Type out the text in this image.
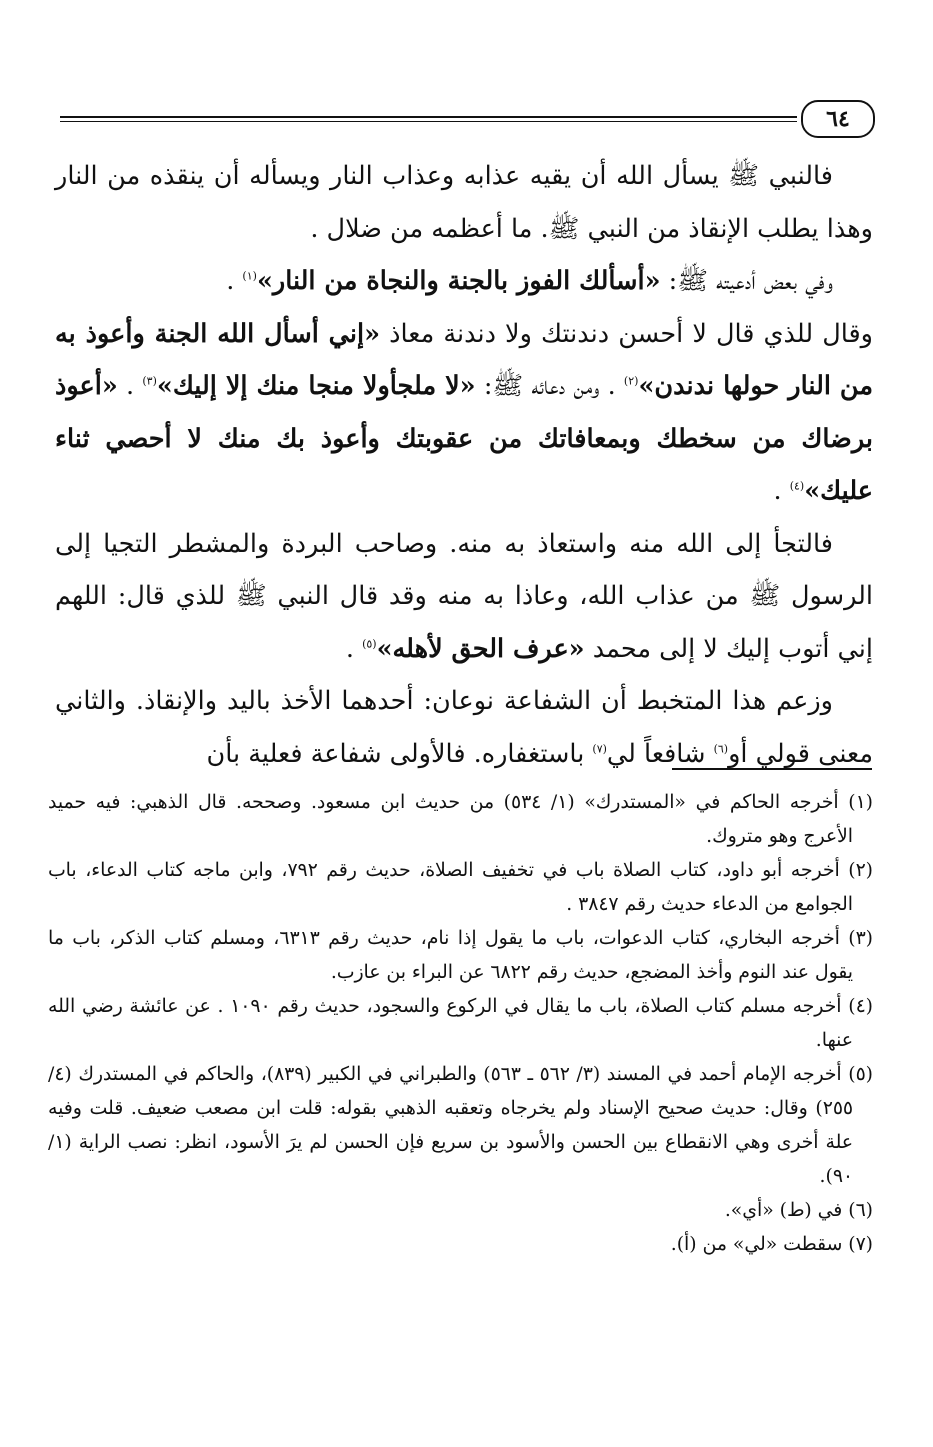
٦٤

فالنبي ﷺ يسأل الله أن يقيه عذابه وعذاب النار ويسأله أن ينقذه من النار وهذا يطلب الإنقاذ من النبي ﷺ. ما أعظمه من ضلال .

وفي بعض أدعيته ﷺ: «أسألك الفوز بالجنة والنجاة من النار»$^{(١)}$ .

وقال للذي قال لا أحسن دندنتك ولا دندنة معاذ «إني أسأل الله الجنة وأعوذ به من النار حولها ندندن»$^{(٢)}$ . ومن دعائه ﷺ: «لا ملجأولا منجا منك إلا إليك»$^{(٣)}$ . «أعوذ برضاك من سخطك وبمعافاتك من عقوبتك وأعوذ بك منك لا أحصي ثناء عليك»$^{(٤)}$ .

فالتجأ إلى الله منه واستعاذ به منه. وصاحب البردة والمشطر التجيا إلى الرسول ﷺ من عذاب الله، وعاذا به منه وقد قال النبي ﷺ للذي قال: اللهم إني أتوب إليك لا إلى محمد «عرف الحق لأهله»$^{(٥)}$ .

وزعم هذا المتخبط أن الشفاعة نوعان: أحدهما الأخذ باليد والإنقاذ. والثاني معنى قولي أو$^{(٦)}$ شافعاً لي$^{(٧)}$ باستغفاره. فالأولى شفاعة فعلية بأن

(١) أخرجه الحاكم في «المستدرك» (١/ ٥٣٤) من حديث ابن مسعود. وصححه. قال الذهبي: فيه حميد الأعرج وهو متروك.

(٢) أخرجه أبو داود، كتاب الصلاة باب في تخفيف الصلاة، حديث رقم ٧٩٢، وابن ماجه كتاب الدعاء، باب الجوامع من الدعاء حديث رقم ٣٨٤٧ .

(٣) أخرجه البخاري، كتاب الدعوات، باب ما يقول إذا نام، حديث رقم ٦٣١٣، ومسلم كتاب الذكر، باب ما يقول عند النوم وأخذ المضجع، حديث رقم ٦٨٢٢ عن البراء بن عازب.

(٤) أخرجه مسلم كتاب الصلاة، باب ما يقال في الركوع والسجود، حديث رقم ١٠٩٠ . عن عائشة رضي الله عنها.

(٥) أخرجه الإمام أحمد في المسند (٣/ ٥٦٢ ـ ٥٦٣) والطبراني في الكبير (٨٣٩)، والحاكم في المستدرك (٤/ ٢٥٥) وقال: حديث صحيح الإسناد ولم يخرجاه وتعقبه الذهبي بقوله: قلت ابن مصعب ضعيف. قلت وفيه علة أخرى وهي الانقطاع بين الحسن والأسود بن سريع فإن الحسن لم يرَ الأسود، انظر: نصب الراية (١/ ٩٠).

(٦) في (ط) «أي».

(٧) سقطت «لي» من (أ).
